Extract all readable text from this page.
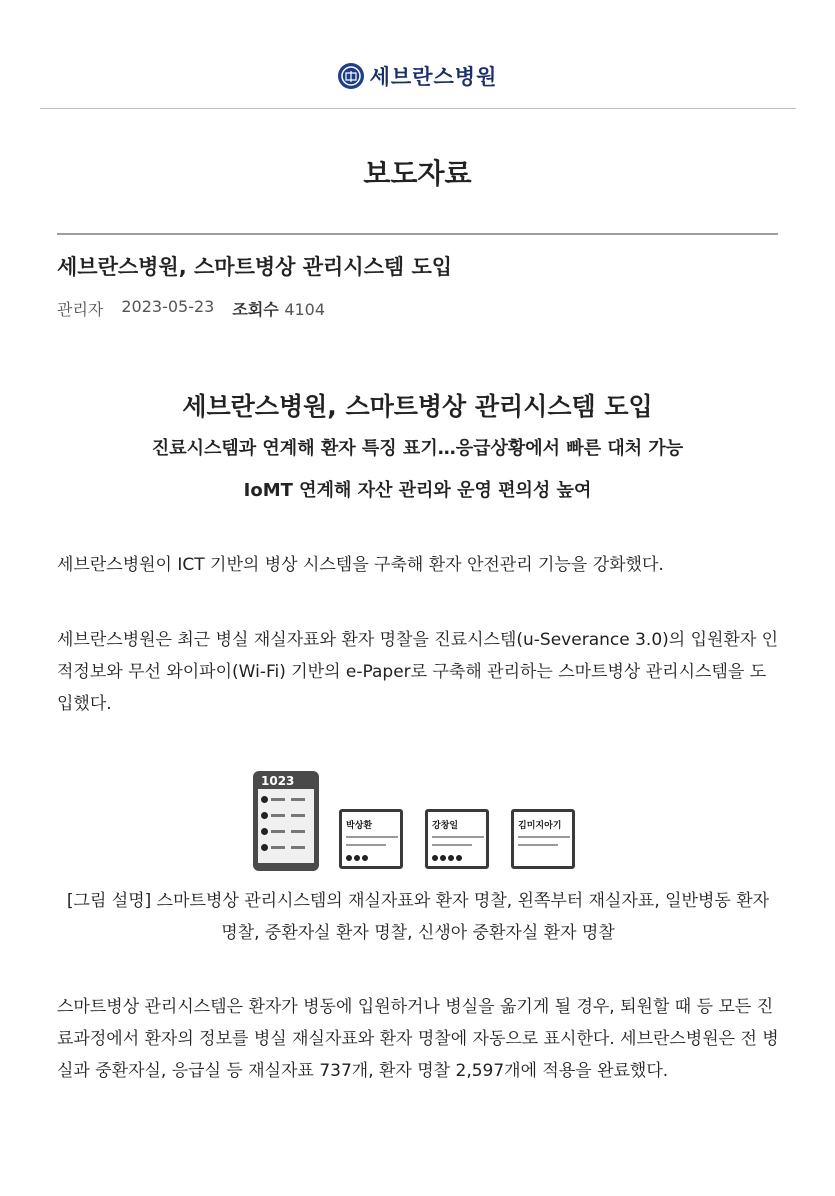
세브란스병원
보도자료
세브란스병원, 스마트병상 관리시스템 도입
관리자 2023-05-23 조회수 4104
세브란스병원, 스마트병상 관리시스템 도입
진료시스템과 연계해 환자 특징 표기…응급상황에서 빠른 대처 가능
IoMT 연계해 자산 관리와 운영 편의성 높여
세브란스병원이 ICT 기반의 병상 시스템을 구축해 환자 안전관리 기능을 강화했다.
세브란스병원은 최근 병실 재실자표와 환자 명찰을 진료시스템(u-Severance 3.0)의 입원환자 인적정보와 무선 와이파이(Wi-Fi) 기반의 e-Paper로 구축해 관리하는 스마트병상 관리시스템을 도입했다.
1023
박상환	강창일	김미지아기
[그림 설명] 스마트병상 관리시스템의 재실자표와 환자 명찰, 왼쪽부터 재실자표, 일반병동 환자 명찰, 중환자실 환자 명찰, 신생아 중환자실 환자 명찰
스마트병상 관리시스템은 환자가 병동에 입원하거나 병실을 옮기게 될 경우, 퇴원할 때 등 모든 진료과정에서 환자의 정보를 병실 재실자표와 환자 명찰에 자동으로 표시한다. 세브란스병원은 전 병실과 중환자실, 응급실 등 재실자표 737개, 환자 명찰 2,597개에 적용을 완료했다.
